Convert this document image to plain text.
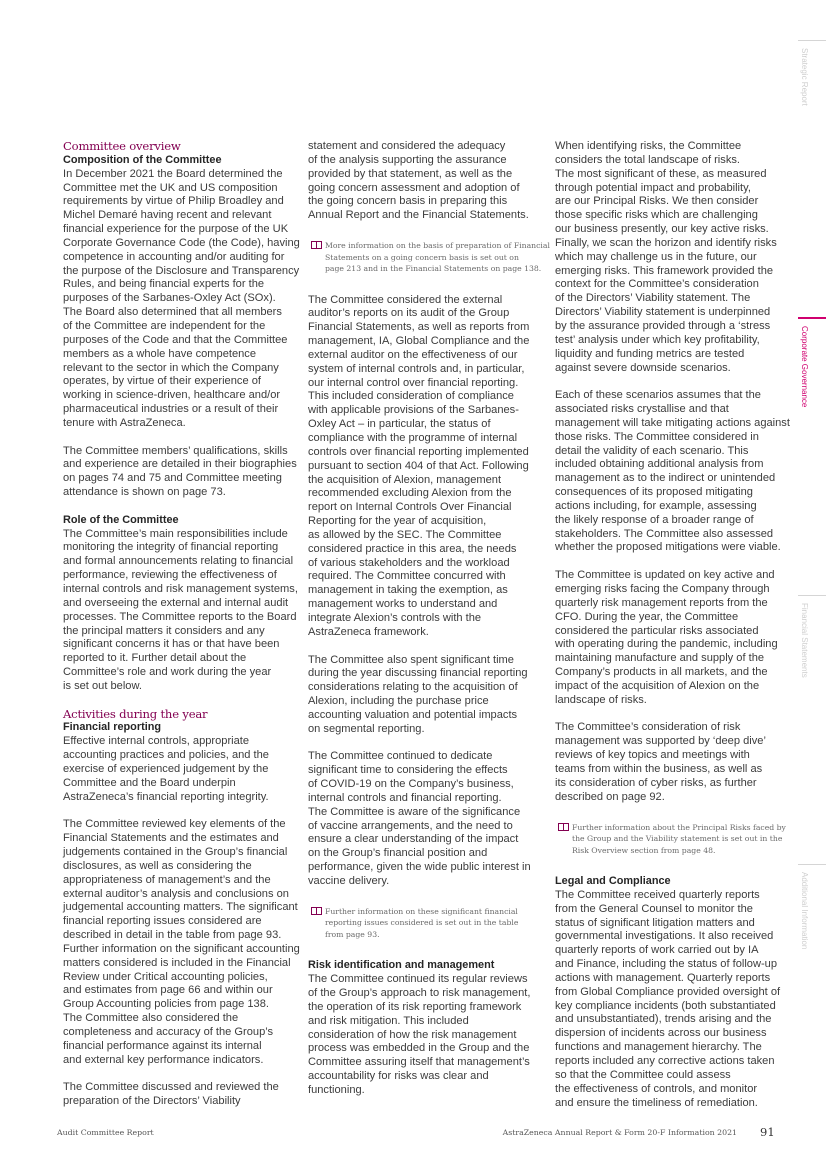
Strategic Report
Corporate Governance
Financial Statements
Additional Information
Committee overview
Composition of the Committee
In December 2021 the Board determined the
Committee met the UK and US composition
requirements by virtue of Philip Broadley and
Michel Demaré having recent and relevant
financial experience for the purpose of the UK
Corporate Governance Code (the Code), having
competence in accounting and/or auditing for
the purpose of the Disclosure and Transparency
Rules, and being financial experts for the
purposes of the Sarbanes-Oxley Act (SOx).
The Board also determined that all members
of the Committee are independent for the
purposes of the Code and that the Committee
members as a whole have competence
relevant to the sector in which the Company
operates, by virtue of their experience of
working in science-driven, healthcare and/or
pharmaceutical industries or a result of their
tenure with AstraZeneca.
The Committee members’ qualifications, skills
and experience are detailed in their biographies
on pages 74 and 75 and Committee meeting
attendance is shown on page 73.
Role of the Committee
The Committee’s main responsibilities include
monitoring the integrity of financial reporting
and formal announcements relating to financial
performance, reviewing the effectiveness of
internal controls and risk management systems,
and overseeing the external and internal audit
processes. The Committee reports to the Board
the principal matters it considers and any
significant concerns it has or that have been
reported to it. Further detail about the
Committee’s role and work during the year
is set out below.
Activities during the year
Financial reporting
Effective internal controls, appropriate
accounting practices and policies, and the
exercise of experienced judgement by the
Committee and the Board underpin
AstraZeneca’s financial reporting integrity.
The Committee reviewed key elements of the
Financial Statements and the estimates and
judgements contained in the Group’s financial
disclosures, as well as considering the
appropriateness of management’s and the
external auditor’s analysis and conclusions on
judgemental accounting matters. The significant
financial reporting issues considered are
described in detail in the table from page 93.
Further information on the significant accounting
matters considered is included in the Financial
Review under Critical accounting policies,
and estimates from page 66 and within our
Group Accounting policies from page 138.
The Committee also considered the
completeness and accuracy of the Group’s
financial performance against its internal
and external key performance indicators.
The Committee discussed and reviewed the
preparation of the Directors’ Viability
statement and considered the adequacy
of the analysis supporting the assurance
provided by that statement, as well as the
going concern assessment and adoption of
the going concern basis in preparing this
Annual Report and the Financial Statements.
More information on the basis of preparation of Financial
Statements on a going concern basis is set out on
page 213 and in the Financial Statements on page 138.
The Committee considered the external
auditor’s reports on its audit of the Group
Financial Statements, as well as reports from
management, IA, Global Compliance and the
external auditor on the effectiveness of our
system of internal controls and, in particular,
our internal control over financial reporting.
This included consideration of compliance
with applicable provisions of the Sarbanes-
Oxley Act – in particular, the status of
compliance with the programme of internal
controls over financial reporting implemented
pursuant to section 404 of that Act. Following
the acquisition of Alexion, management
recommended excluding Alexion from the
report on Internal Controls Over Financial
Reporting for the year of acquisition,
as allowed by the SEC. The Committee
considered practice in this area, the needs
of various stakeholders and the workload
required. The Committee concurred with
management in taking the exemption, as
management works to understand and
integrate Alexion’s controls with the
AstraZeneca framework.
The Committee also spent significant time
during the year discussing financial reporting
considerations relating to the acquisition of
Alexion, including the purchase price
accounting valuation and potential impacts
on segmental reporting.
The Committee continued to dedicate
significant time to considering the effects
of COVID-19 on the Company’s business,
internal controls and financial reporting.
The Committee is aware of the significance
of vaccine arrangements, and the need to
ensure a clear understanding of the impact
on the Group’s financial position and
performance, given the wide public interest in
vaccine delivery.
Further information on these significant financial
reporting issues considered is set out in the table
from page 93.
Risk identification and management
The Committee continued its regular reviews
of the Group’s approach to risk management,
the operation of its risk reporting framework
and risk mitigation. This included
consideration of how the risk management
process was embedded in the Group and the
Committee assuring itself that management’s
accountability for risks was clear and
functioning.
When identifying risks, the Committee
considers the total landscape of risks.
The most significant of these, as measured
through potential impact and probability,
are our Principal Risks. We then consider
those specific risks which are challenging
our business presently, our key active risks.
Finally, we scan the horizon and identify risks
which may challenge us in the future, our
emerging risks. This framework provided the
context for the Committee’s consideration
of the Directors’ Viability statement. The
Directors’ Viability statement is underpinned
by the assurance provided through a ‘stress
test’ analysis under which key profitability,
liquidity and funding metrics are tested
against severe downside scenarios.
Each of these scenarios assumes that the
associated risks crystallise and that
management will take mitigating actions against
those risks. The Committee considered in
detail the validity of each scenario. This
included obtaining additional analysis from
management as to the indirect or unintended
consequences of its proposed mitigating
actions including, for example, assessing
the likely response of a broader range of
stakeholders. The Committee also assessed
whether the proposed mitigations were viable.
The Committee is updated on key active and
emerging risks facing the Company through
quarterly risk management reports from the
CFO. During the year, the Committee
considered the particular risks associated
with operating during the pandemic, including
maintaining manufacture and supply of the
Company’s products in all markets, and the
impact of the acquisition of Alexion on the
landscape of risks.
The Committee’s consideration of risk
management was supported by ‘deep dive’
reviews of key topics and meetings with
teams from within the business, as well as
its consideration of cyber risks, as further
described on page 92.
Further information about the Principal Risks faced by
the Group and the Viability statement is set out in the
Risk Overview section from page 48.
Legal and Compliance
The Committee received quarterly reports
from the General Counsel to monitor the
status of significant litigation matters and
governmental investigations. It also received
quarterly reports of work carried out by IA
and Finance, including the status of follow-up
actions with management. Quarterly reports
from Global Compliance provided oversight of
key compliance incidents (both substantiated
and unsubstantiated), trends arising and the
dispersion of incidents across our business
functions and management hierarchy. The
reports included any corrective actions taken
so that the Committee could assess
the effectiveness of controls, and monitor
and ensure the timeliness of remediation.
Audit Committee Report	AstraZeneca Annual Report & Form 20-F Information 2021 91
